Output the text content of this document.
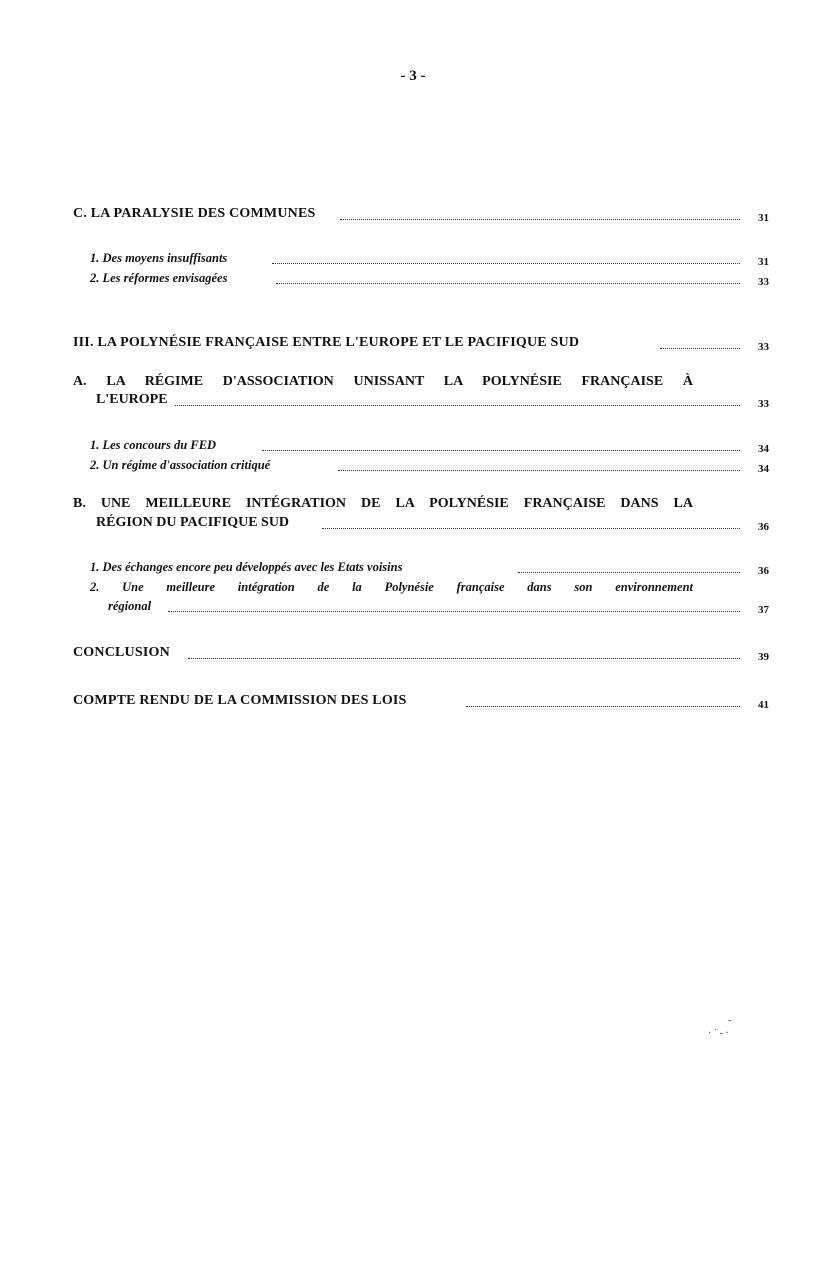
- 3 -
C. LA PARALYSIE DES COMMUNES	31
1. Des moyens insuffisants	31
2. Les réformes envisagées	33
III. LA POLYNÉSIE FRANÇAISE ENTRE L'EUROPE ET LE PACIFIQUE SUD	33
A. LA RÉGIME D'ASSOCIATION UNISSANT LA POLYNÉSIE FRANÇAISE À
L'EUROPE	33
1. Les concours du FED	34
2. Un régime d'association critiqué	34
B. UNE MEILLEURE INTÉGRATION DE LA POLYNÉSIE FRANÇAISE DANS LA
RÉGION DU PACIFIQUE SUD	36
1. Des échanges encore peu développés avec les Etats voisins	36
2. Une meilleure intégration de la Polynésie française dans son environnement
régional	37
CONCLUSION	39
COMPTE RENDU DE LA COMMISSION DES LOIS	41
-
· ˙ ‐ ·
